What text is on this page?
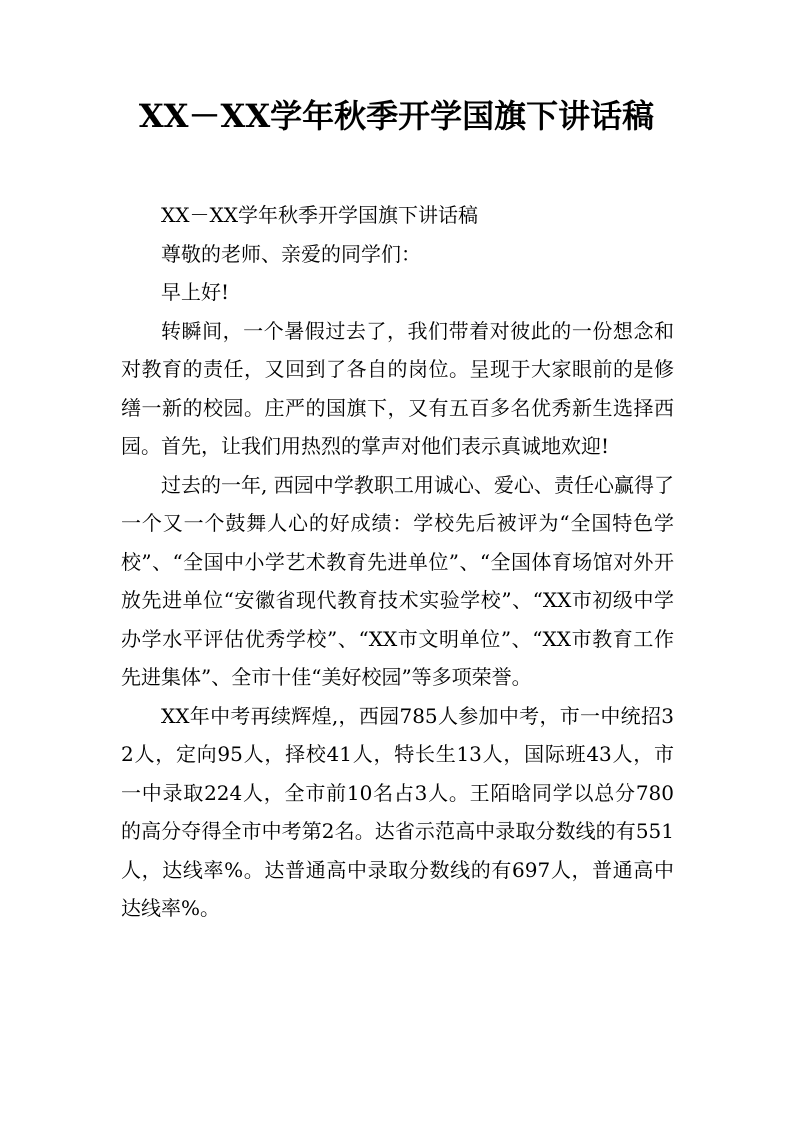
XX－XX学年秋季开学国旗下讲话稿

XX－XX学年秋季开学国旗下讲话稿

尊敬的老师、亲爱的同学们：

早上好!

转瞬间，一个暑假过去了，我们带着对彼此的一份想念和对教育的责任，又回到了各自的岗位。呈现于大家眼前的是修缮一新的校园。庄严的国旗下，又有五百多名优秀新生选择西园。首先，让我们用热烈的掌声对他们表示真诚地欢迎!

过去的一年, 西园中学教职工用诚心、爱心、责任心赢得了一个又一个鼓舞人心的好成绩：学校先后被评为“全国特色学校”、“全国中小学艺术教育先进单位”、“全国体育场馆对外开放先进单位“安徽省现代教育技术实验学校”、“XX市初级中学办学水平评估优秀学校”、“XX市文明单位”、“XX市教育工作先进集体”、全市十佳“美好校园”等多项荣誉。

XX年中考再续辉煌,，西园785人参加中考，市一中统招32人，定向95人，择校41人，特长生13人，国际班43人，市一中录取224人，全市前10名占3人。王陌晗同学以总分780的高分夺得全市中考第2名。达省示范高中录取分数线的有551人，达线率%。达普通高中录取分数线的有697人，普通高中达线率%。
